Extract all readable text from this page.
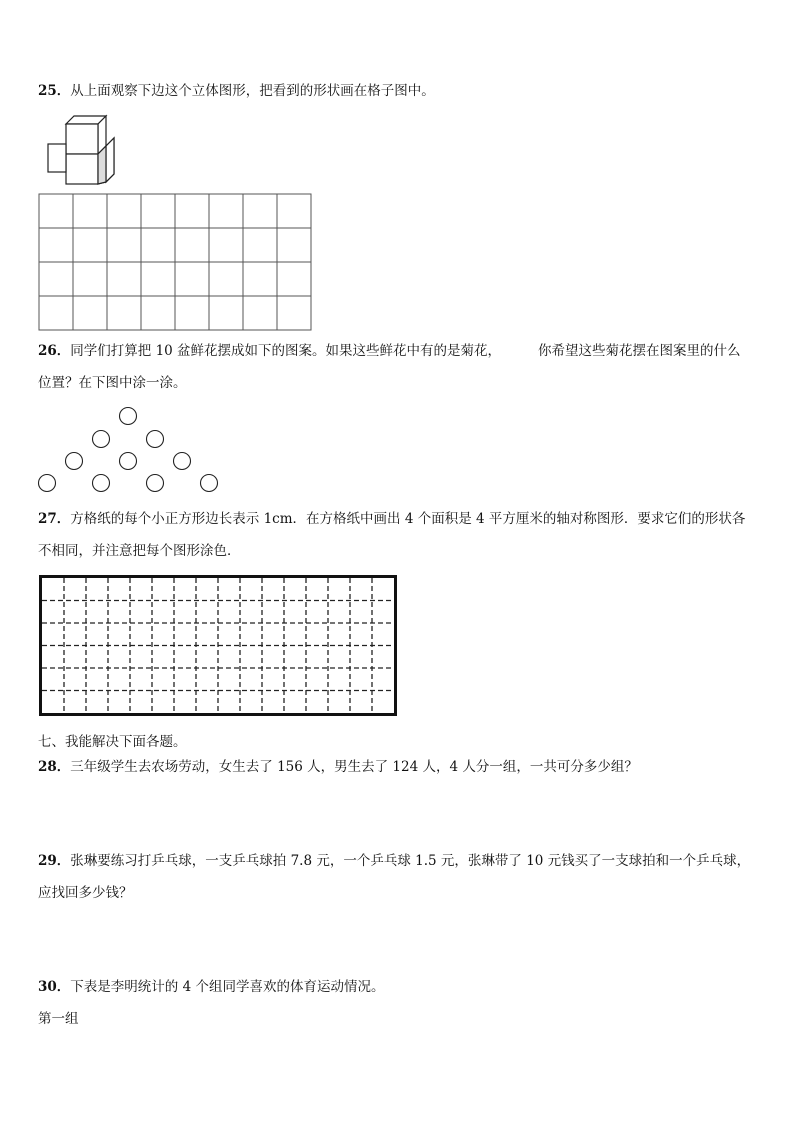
25．从上面观察下边这个立体图形，把看到的形状画在格子图中。
26．同学们打算把 10 盆鲜花摆成如下的图案。如果这些鲜花中有的是菊花，	你希望这些菊花摆在图案里的什么
位置？在下图中涂一涂。
27．方格纸的每个小正方形边长表示 1cm．在方格纸中画出 4 个面积是 4 平方厘米的轴对称图形．要求它们的形状各
不相同，并注意把每个图形涂色．
七、我能解决下面各题。
28．三年级学生去农场劳动，女生去了 156 人，男生去了 124 人，4 人分一组，一共可分多少组？
29．张琳要练习打乒乓球，一支乒乓球拍 7.8 元，一个乒乓球 1.5 元，张琳带了 10 元钱买了一支球拍和一个乒乓球，
应找回多少钱？
30．下表是李明统计的 4 个组同学喜欢的体育运动情况。
第一组
